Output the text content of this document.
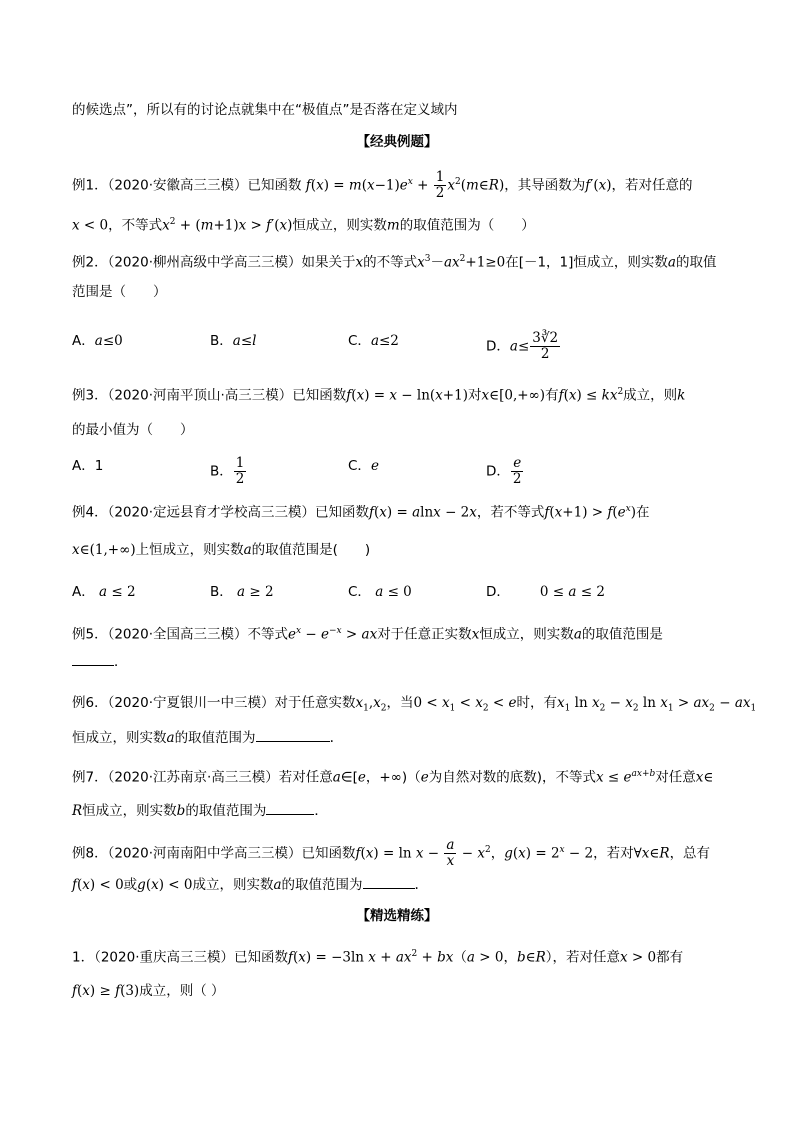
的候选点”，所以有的讨论点就集中在“极值点”是否落在定义域内
【经典例题】
例1．（2020·安徽高三三模）已知函数 $f(x) = m(x-1)e^x + \frac{1}{2}$ $x^2(m\in R)$，其导函数为f′(x)，若对任意的
x < 0，不等式$x^2 + (m+1)x > f'(x)$恒成立，则实数m的取值范围为（　　）
例2．（2020·柳州高级中学高三三模）如果关于x的不等式$x^3-ax^2+1\ge 0$在[－1，1]恒成立，则实数a的取值
范围是（　　）
A．a≤0	B．a≤l	C．a≤2	D．$a\le \frac{3∛2}{2}$
例3．（2020·河南平顶山·高三三模）已知函数f(x) = x − ln(x+1)对x∈[0,+∞)有$f(x) \le kx^2$成立，则k
的最小值为（　　）
A．1	B． $\frac{1}{2}$	C．e	D． $\frac{e}{2}$
例4．（2020·定远县育才学校高三三模）已知函数f(x) = alnx − 2x，若不等式$f(x+1) > f(e^x)$在
x∈(1,+∞)上恒成立，则实数a的取值范围是(　　)
A． a ≤ 2	B． a ≥ 2	C． a ≤ 0	D． 0 ≤ a ≤ 2
例5．（2020·全国高三三模）不等式$e^x - e^{-x}$ > ax对于任意正实数x恒成立，则实数a的取值范围是
．
例6．（2020·宁夏银川一中三模）对于任意实数$x_1,x_2$，当$0 < x_1 < x_2 < e$时，有$x_1$ $\ln x_2 - x_2$ $\ln x_1 > ax_2 - ax_1$
恒成立，则实数a的取值范围为	.
例7．（2020·江苏南京·高三三模）若对任意a∈[e，+∞)（e为自然对数的底数)，不等式$x \le e^{ax+b}$对任意x∈
R恒成立，则实数b的取值范围为	．
例8．（2020·河南南阳中学高三三模）已知函数$f(x) = \ln x - \frac{a}{x} - x^2$，$g(x) = 2^x - 2$，若对∀x∈R，总有
f(x) < 0或g(x) < 0成立，则实数a的取值范围为	.
【精选精练】
1．（2020·重庆高三三模）已知函数f(x) = −3ln $x + ax^2 + bx(a > 0$，b∈R），若对任意x > 0都有
f(x) ≥ f(3)成立，则（ ）
